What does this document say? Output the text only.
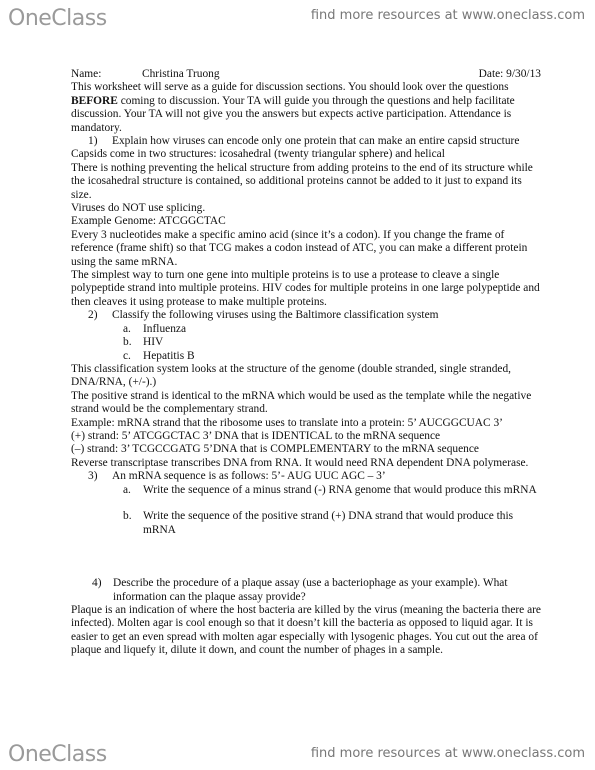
OneClass	find more resources at www.oneclass.com
Name:	Christina Truong	Date: 9/30/13

This worksheet will serve as a guide for discussion sections. You should look over the questions BEFORE coming to discussion. Your TA will guide you through the questions and help facilitate discussion. Your TA will not give you the answers but expects active participation. Attendance is mandatory.

1) Explain how viruses can encode only one protein that can make an entire capsid structure

Capsids come in two structures: icosahedral (twenty triangular sphere) and helical

There is nothing preventing the helical structure from adding proteins to the end of its structure while the icosahedral structure is contained, so additional proteins cannot be added to it just to expand its size.

Viruses do NOT use splicing.

Example Genome: ATCGGCTAC

Every 3 nucleotides make a specific amino acid (since it’s a codon). If you change the frame of reference (frame shift) so that TCG makes a codon instead of ATC, you can make a different protein using the same mRNA.

The simplest way to turn one gene into multiple proteins is to use a protease to cleave a single polypeptide strand into multiple proteins. HIV codes for multiple proteins in one large polypeptide and then cleaves it using protease to make multiple proteins.

2) Classify the following viruses using the Baltimore classification system

a. Influenza

b. HIV

c. Hepatitis B

This classification system looks at the structure of the genome (double stranded, single stranded, DNA/RNA, (+/-).)

The positive strand is identical to the mRNA which would be used as the template while the negative strand would be the complementary strand.

Example: mRNA strand that the ribosome uses to translate into a protein: 5’ AUCGGCUAC 3’

(+) strand: 5’ ATCGGCTAC 3’ DNA that is IDENTICAL to the mRNA sequence

(–) strand: 3’ TCGCCGATG 5’DNA that is COMPLEMENTARY to the mRNA sequence

Reverse transcriptase transcribes DNA from RNA. It would need RNA dependent DNA polymerase.

3) An mRNA sequence is as follows: 5’- AUG UUC AGC – 3’

a. Write the sequence of a minus strand (-) RNA genome that would produce this mRNA

b. Write the sequence of the positive strand (+) DNA strand that would produce this mRNA

4) Describe the procedure of a plaque assay (use a bacteriophage as your example). What information can the plaque assay provide?

Plaque is an indication of where the host bacteria are killed by the virus (meaning the bacteria there are infected). Molten agar is cool enough so that it doesn’t kill the bacteria as opposed to liquid agar. It is easier to get an even spread with molten agar especially with lysogenic phages. You cut out the area of plaque and liquefy it, dilute it down, and count the number of phages in a sample.

OneClass	find more resources at www.oneclass.com
